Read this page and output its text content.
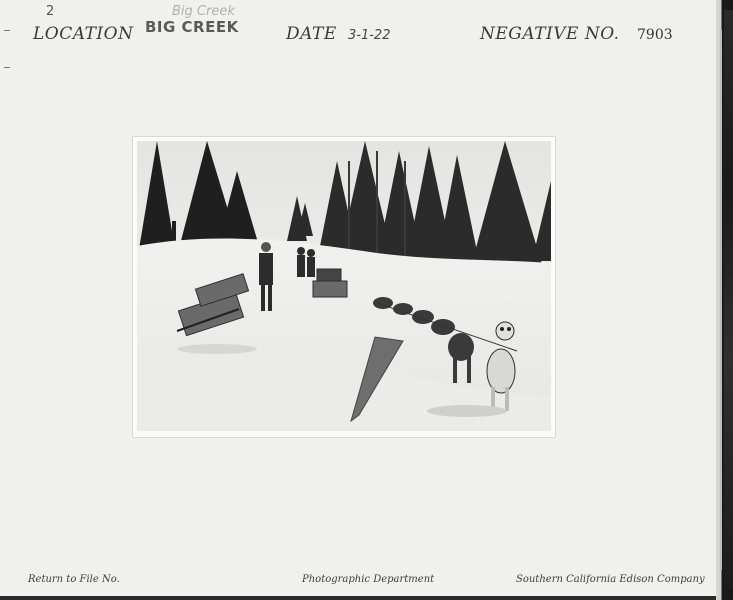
2
LOCATION BIG CREEK
Big Creek
DATE 3-1-22	NEGATIVE NO. 7903
Return to File No.	Photographic Department	Southern California Edison Company
